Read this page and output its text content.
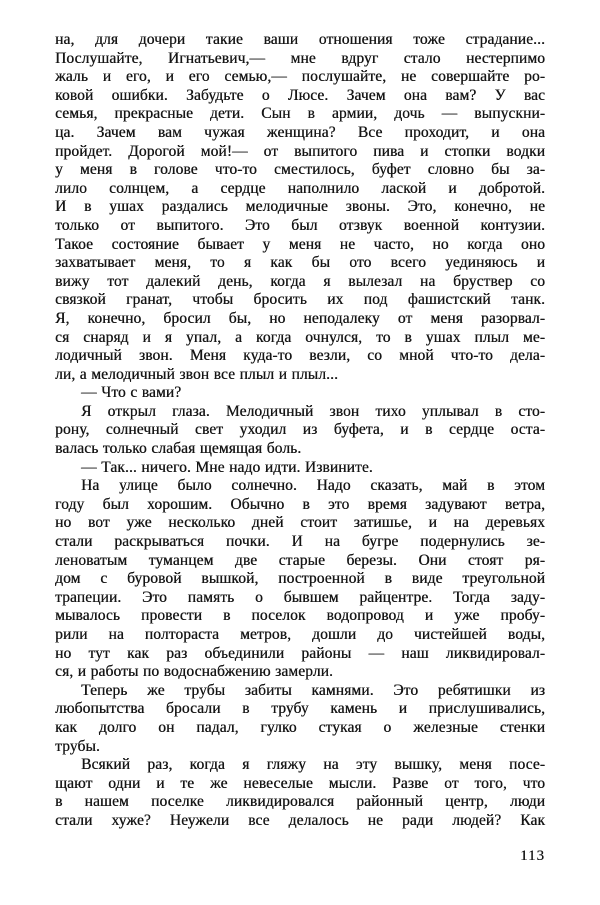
на, для дочери такие ваши отношения тоже страдание...
Послушайте, Игнатьевич,— мне вдруг стало нестерпимо
жаль и его, и его семью,— послушайте, не совершайте ро-
ковой ошибки. Забудьте о Люсе. Зачем она вам? У вас
семья, прекрасные дети. Сын в армии, дочь — выпускни-
ца. Зачем вам чужая женщина? Все проходит, и она
пройдет. Дорогой мой!— от выпитого пива и стопки водки
у меня в голове что-то сместилось, буфет словно бы за-
лило солнцем, а сердце наполнило лаской и добротой.
И в ушах раздались мелодичные звоны. Это, конечно, не
только от выпитого. Это был отзвук военной контузии.
Такое состояние бывает у меня не часто, но когда оно
захватывает меня, то я как бы ото всего уединяюсь и
вижу тот далекий день, когда я вылезал на бруствер со
связкой гранат, чтобы бросить их под фашистский танк.
Я, конечно, бросил бы, но неподалеку от меня разорвал-
ся снаряд и я упал, а когда очнулся, то в ушах плыл ме-
лодичный звон. Меня куда-то везли, со мной что-то дела-
ли, а мелодичный звон все плыл и плыл...
— Что с вами?
Я открыл глаза. Мелодичный звон тихо уплывал в сто-
рону, солнечный свет уходил из буфета, и в сердце оста-
валась только слабая щемящая боль.
— Так... ничего. Мне надо идти. Извините.
На улице было солнечно. Надо сказать, май в этом
году был хорошим. Обычно в это время задувают ветра,
но вот уже несколько дней стоит затишье, и на деревьях
стали раскрываться почки. И на бугре подернулись зе-
леноватым туманцем две старые березы. Они стоят ря-
дом с буровой вышкой, построенной в виде треугольной
трапеции. Это память о бывшем райцентре. Тогда заду-
мывалось провести в поселок водопровод и уже пробу-
рили на полтораста метров, дошли до чистейшей воды,
но тут как раз объединили районы — наш ликвидировал-
ся, и работы по водоснабжению замерли.
Теперь же трубы забиты камнями. Это ребятишки из
любопытства бросали в трубу камень и прислушивались,
как долго он падал, гулко стукая о железные стенки
трубы.
Всякий раз, когда я гляжу на эту вышку, меня посе-
щают одни и те же невеселые мысли. Разве от того, что
в нашем поселке ликвидировался районный центр, люди
стали хуже? Неужели все делалось не ради людей? Как
113
